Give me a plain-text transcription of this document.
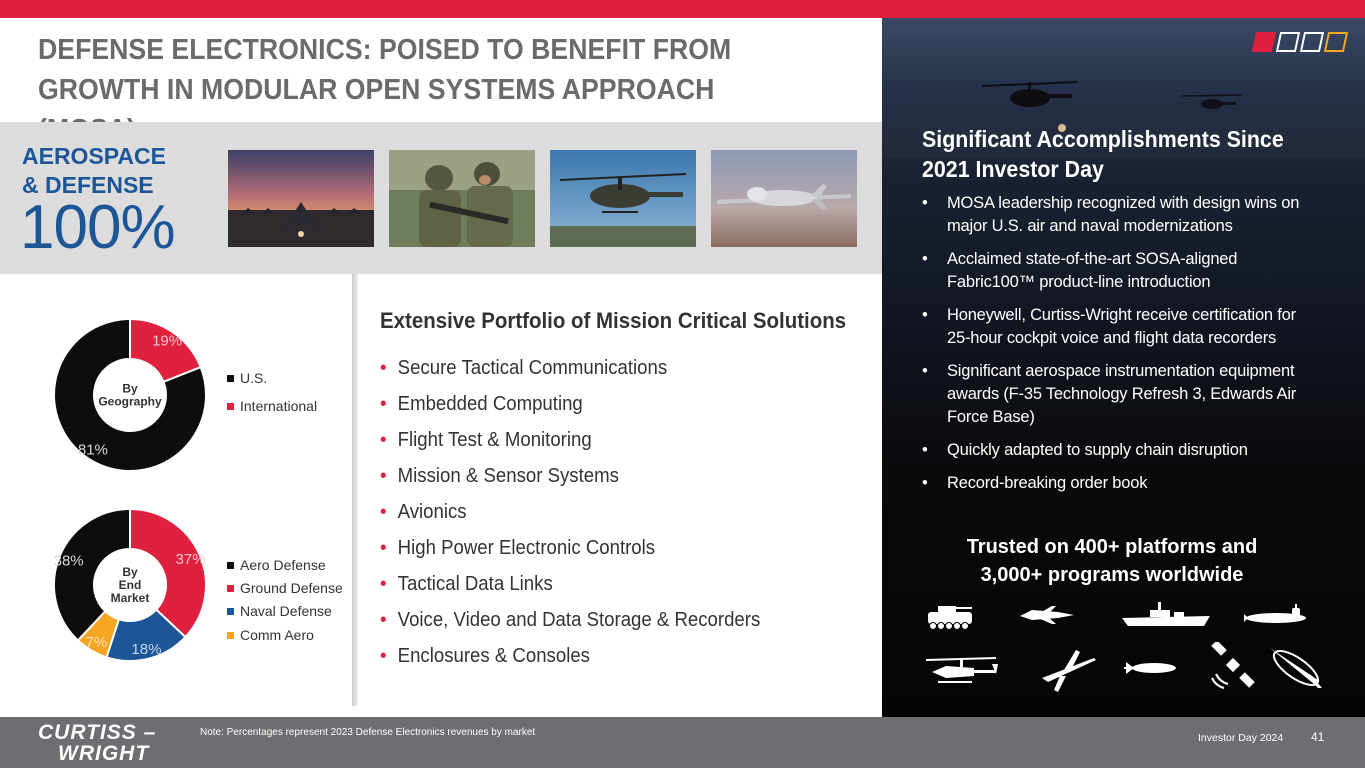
DEFENSE ELECTRONICS: POISED TO BENEFIT FROM
GROWTH IN MODULAR OPEN SYSTEMS APPROACH
AEROSPACE
& DEFENSE
100%
81%
19%
By
Geography
U.S.
International
38%	37%
18%
7%
By
End
Market
Aero Defense
Ground Defense
Naval Defense
Comm Aero
Extensive Portfolio of Mission Critical Solutions
• Secure Tactical Communications
• Embedded Computing
• Flight Test & Monitoring
• Mission & Sensor Systems
• Avionics
• High Power Electronic Controls
• Tactical Data Links
• Voice, Video and Data Storage & Recorders
• Enclosures & Consoles
Significant Accomplishments Since
2021 Investor Day
• MOSA leadership recognized with design wins on major U.S. air and naval modernizations
• Acclaimed state-of-the-art SOSA-aligned Fabric100™ product-line introduction
• Honeywell, Curtiss-Wright receive certification for 25-hour cockpit voice and flight data recorders
• Significant aerospace instrumentation equipment awards (F-35 Technology Refresh 3, Edwards Air Force Base)
• Quickly adapted to supply chain disruption
• Record-breaking order book
Trusted on 400+ platforms and
3,000+ programs worldwide
CURTISS –
WRIGHT
Note: Percentages represent 2023 Defense Electronics revenues by market	Investor Day 2024 41
